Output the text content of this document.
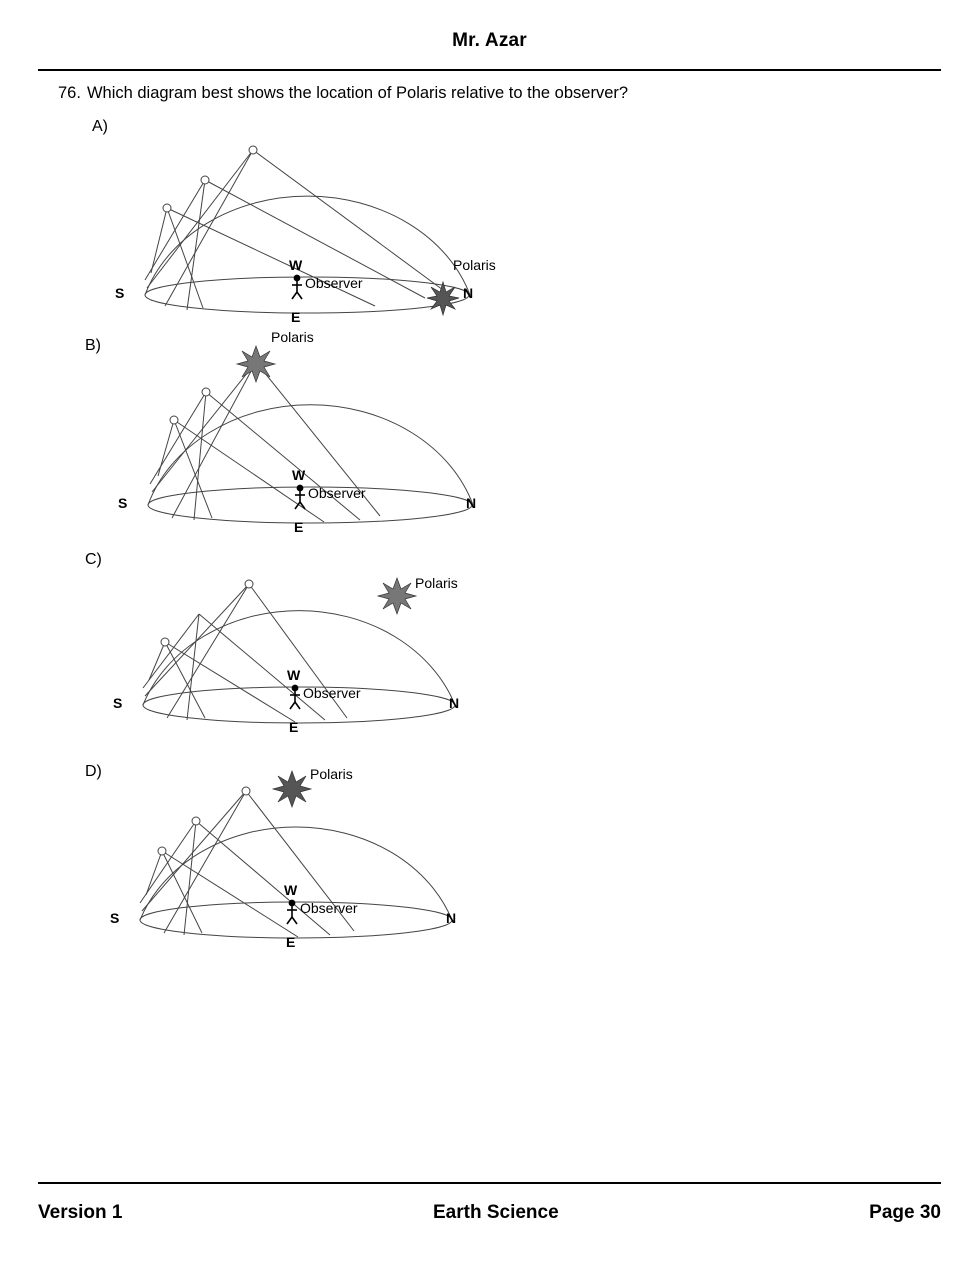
Mr. Azar
76. Which diagram best shows the location of Polaris relative to the observer?
A)
S	N
W
E
Observer
Polaris
B)
S	N
W
E
Observer
Polaris
C)
S	N
W
E
Observer
Polaris
D)
S	N
W
E
Observer
Polaris
Version 1	Earth Science	Page 30
